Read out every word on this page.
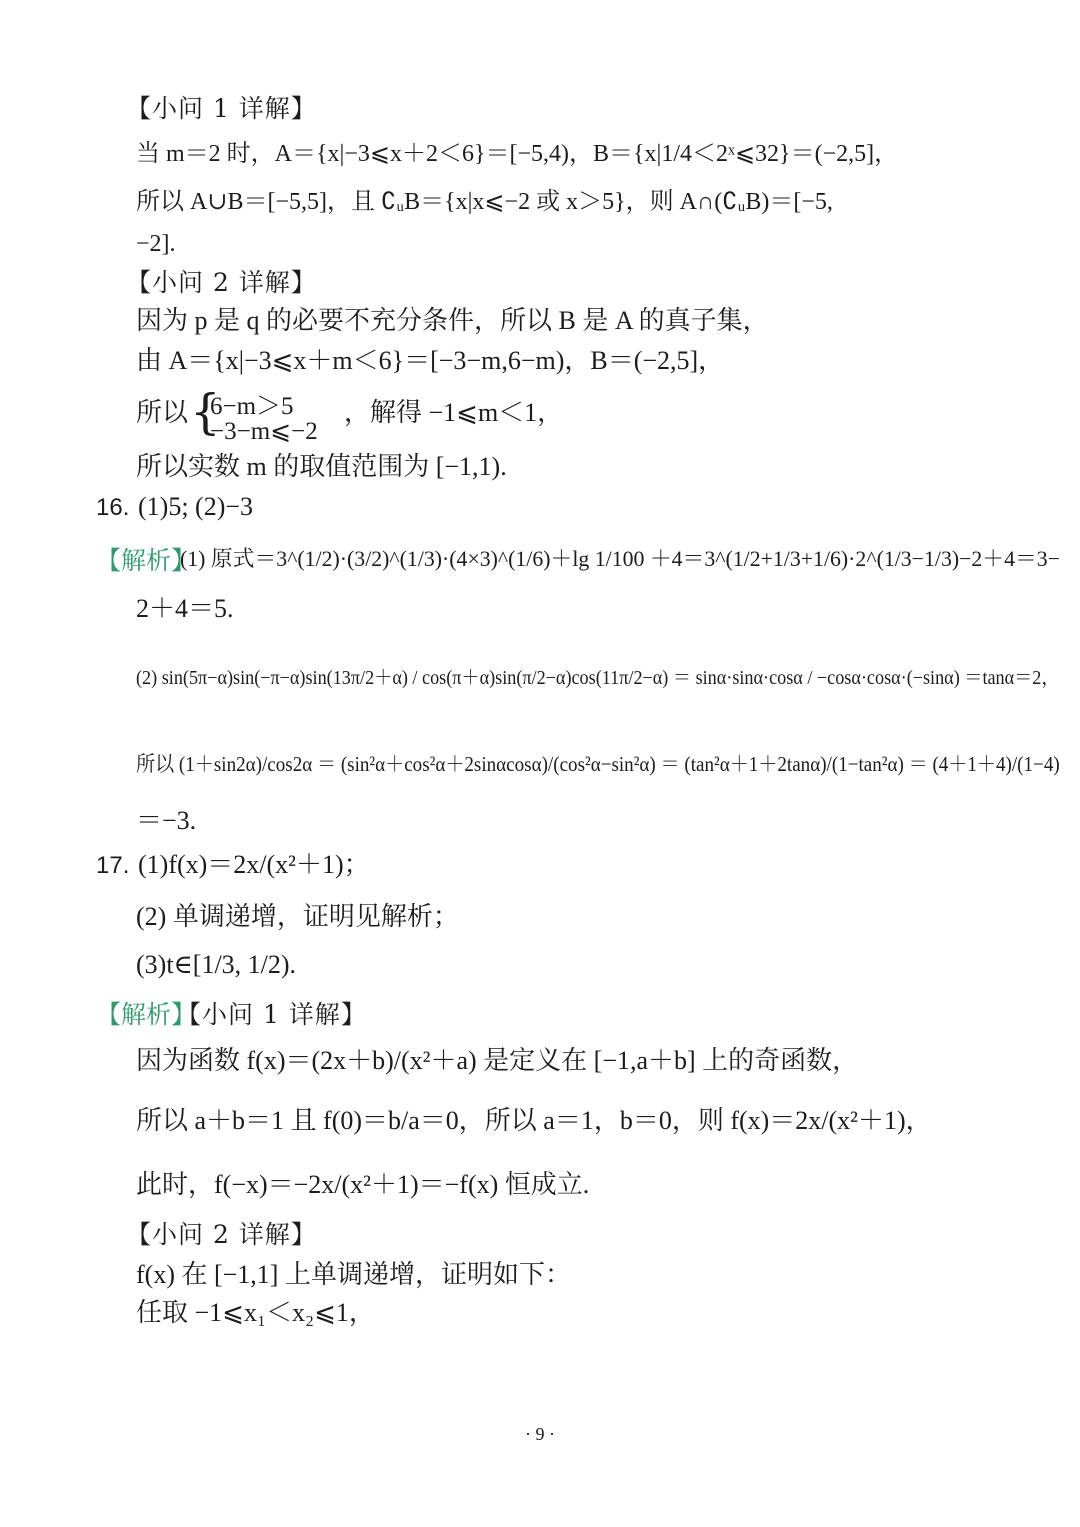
【小问 1 详解】
当 m＝2 时，A＝{x|−3⩽x＋2＜6}＝[−5,4)，B＝{x|1/4＜2ˣ⩽32}＝(−2,5]，
所以 A∪B＝[−5,5]，且 ∁ᵤB＝{x|x⩽−2 或 x＞5}，则 A∩(∁ᵤB)＝[−5,
−2].
【小问 2 详解】
因为 p 是 q 的必要不充分条件，所以 B 是 A 的真子集，
由 A＝{x|−3⩽x＋m＜6}＝[−3−m,6−m)，B＝(−2,5]，
所以 {
6−m＞5
−3−m⩽−2
，解得 −1⩽m＜1，
所以实数 m 的取值范围为 [−1,1).
16. (1)5; (2)−3
【解析】
(1) 原式＝3^(1/2)·(3/2)^(1/3)·(4×3)^(1/6)＋lg 1/100 ＋4＝3^(1/2+1/3+1/6)·2^(1/3−1/3)−2＋4＝3−
2＋4＝5.
(2) sin(5π−α)sin(−π−α)sin(13π/2＋α) / cos(π＋α)sin(π/2−α)cos(11π/2−α) ＝ sinα·sinα·cosα / −cosα·cosα·(−sinα) ＝tanα＝2，
所以 (1＋sin2α)/cos2α ＝ (sin²α＋cos²α＋2sinαcosα)/(cos²α−sin²α) ＝ (tan²α＋1＋2tanα)/(1−tan²α) ＝ (4＋1＋4)/(1−4)
＝−3.
17. (1)f(x)＝2x/(x²＋1)；
(2) 单调递增，证明见解析；
(3)t∈[1/3, 1/2).
【解析】
【小问 1 详解】
因为函数 f(x)＝(2x＋b)/(x²＋a) 是定义在 [−1,a＋b] 上的奇函数，
所以 a＋b＝1 且 f(0)＝b/a＝0，所以 a＝1，b＝0，则 f(x)＝2x/(x²＋1)，
此时，f(−x)＝−2x/(x²＋1)＝−f(x) 恒成立.
【小问 2 详解】
f(x) 在 [−1,1] 上单调递增，证明如下：
任取 −1⩽x₁＜x₂⩽1，
· 9 ·
